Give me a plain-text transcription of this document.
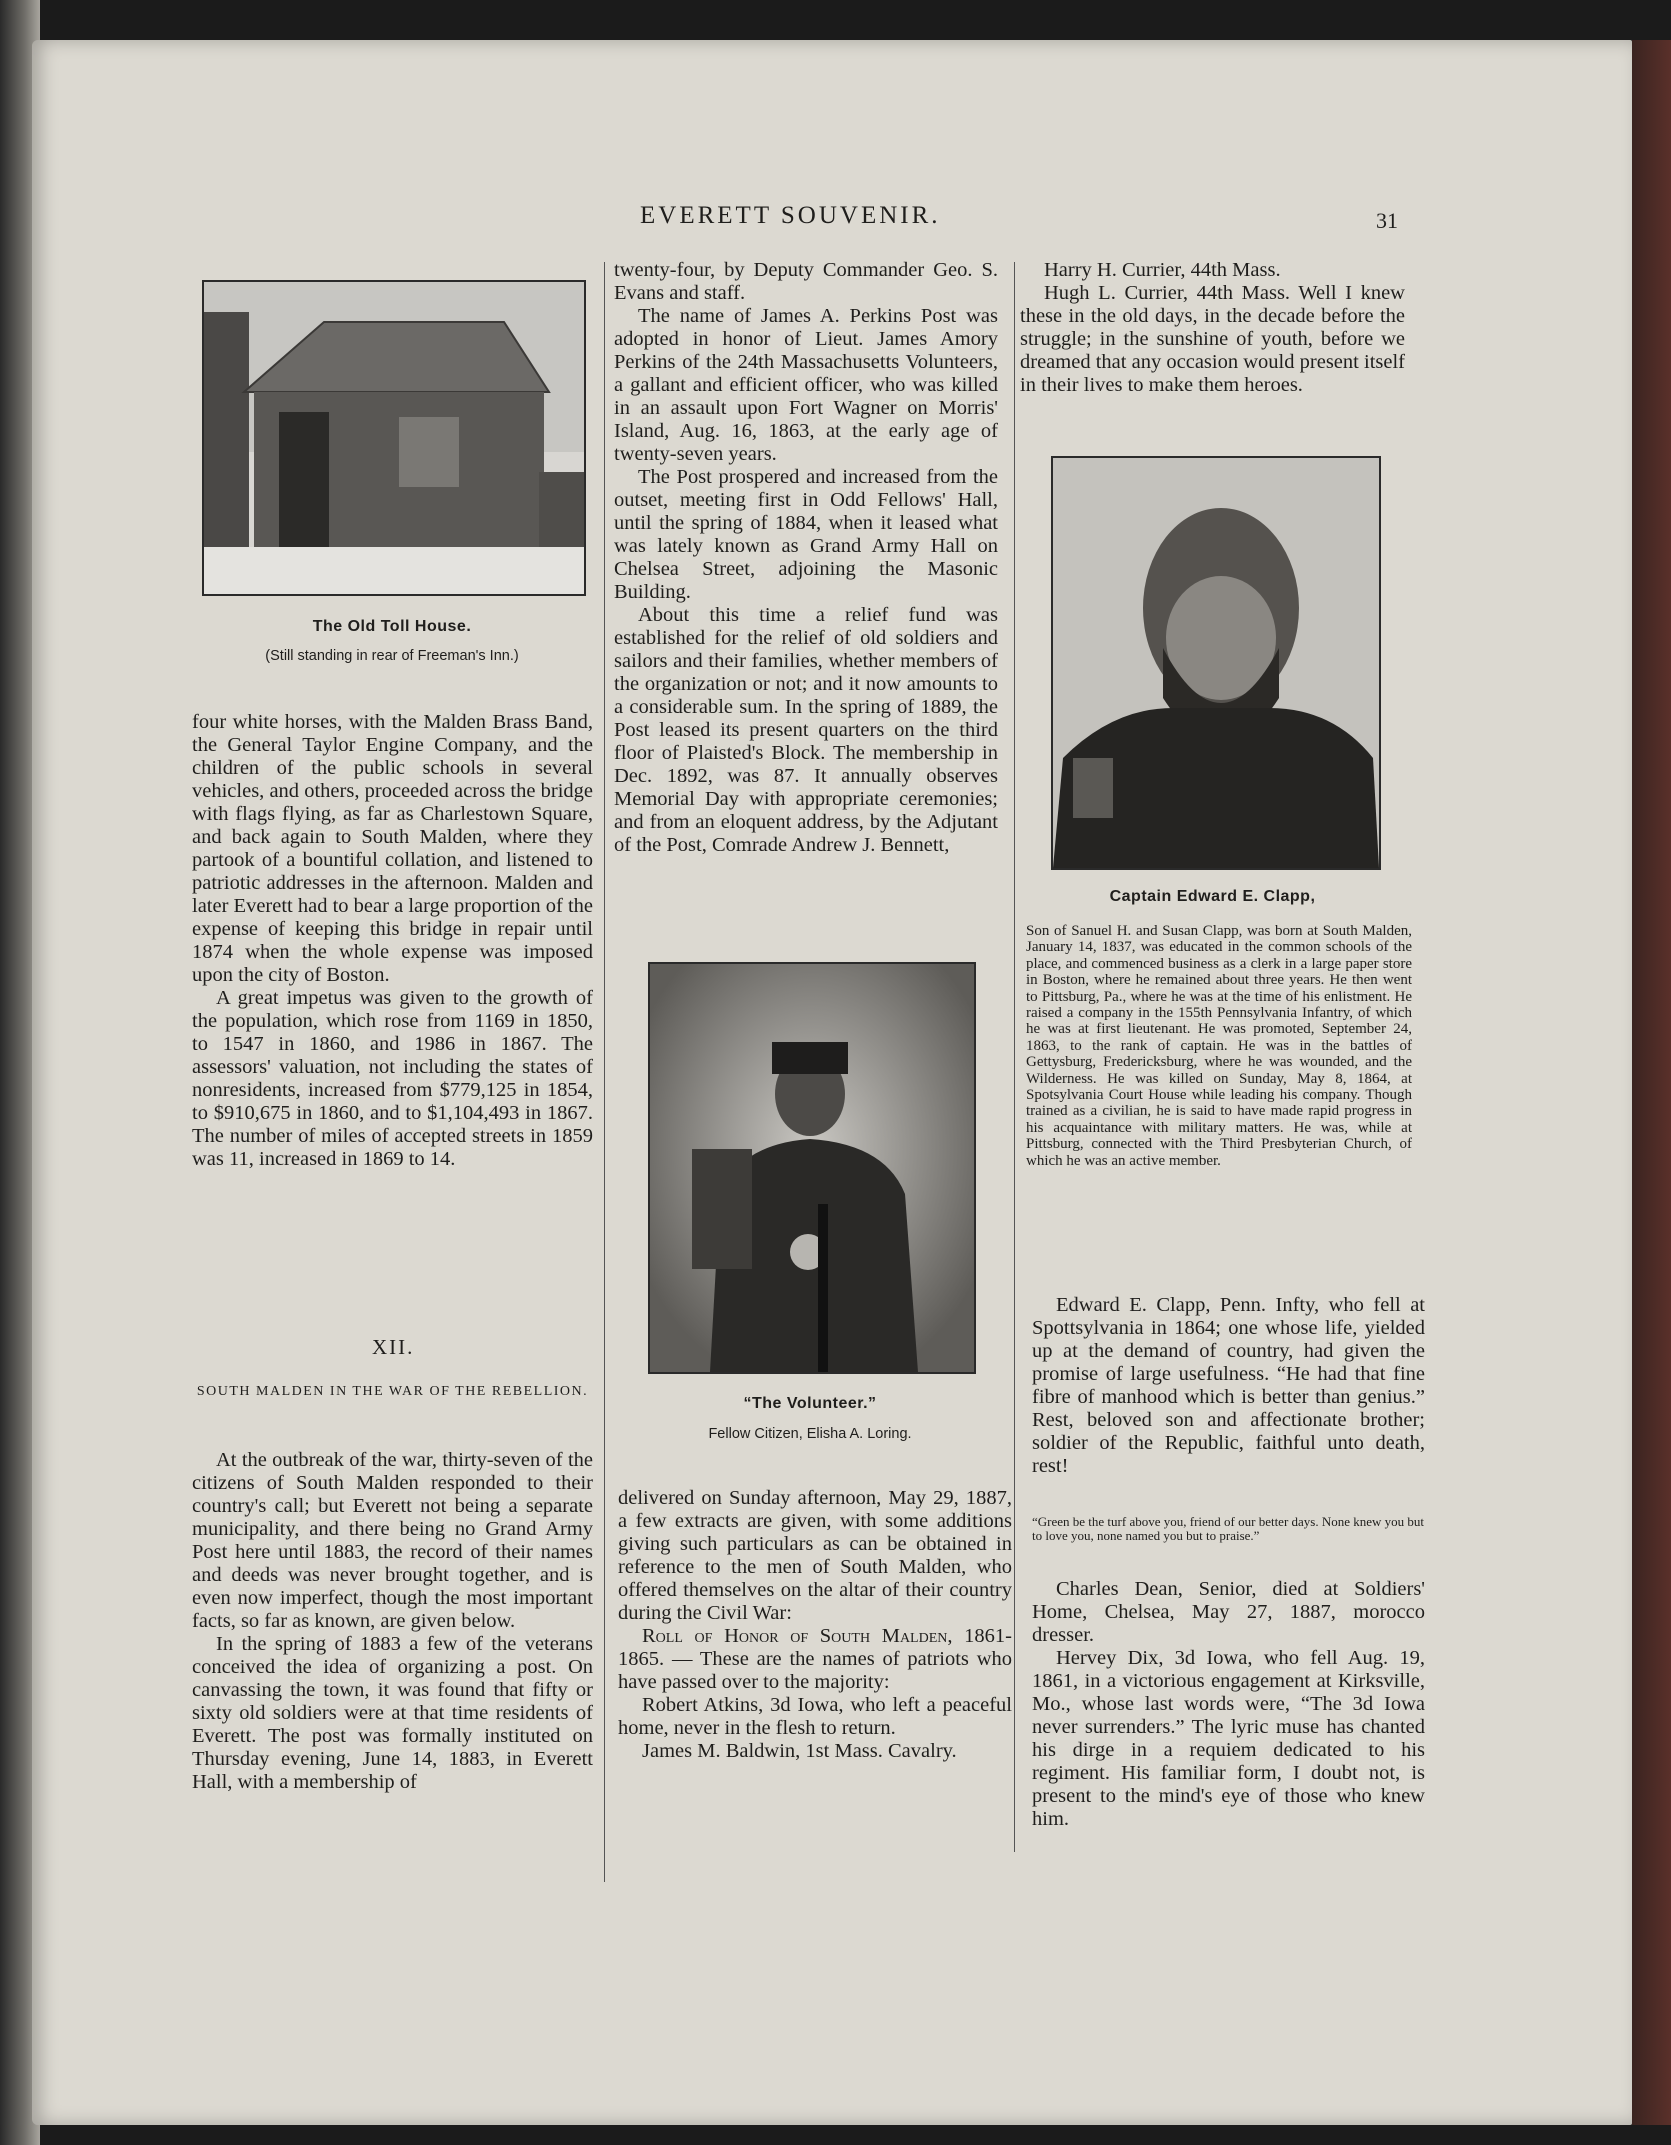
EVERETT SOUVENIR.	31
The Old Toll House.
(Still standing in rear of Freeman's Inn.)

four white horses, with the Malden Brass Band, the General Taylor Engine Company, and the children of the public schools in several vehicles, and others, proceeded across the bridge with flags flying, as far as Charlestown Square, and back again to South Malden, where they partook of a bountiful collation, and listened to patriotic addresses in the afternoon. Malden and later Everett had to bear a large proportion of the expense of keeping this bridge in repair until 1874 when the whole expense was imposed upon the city of Boston.

A great impetus was given to the growth of the population, which rose from 1169 in 1850, to 1547 in 1860, and 1986 in 1867. The assessors' valuation, not including the states of nonresidents, increased from $779,125 in 1854, to $910,675 in 1860, and to $1,104,493 in 1867. The number of miles of accepted streets in 1859 was 11, increased in 1869 to 14.

XII.
SOUTH MALDEN IN THE WAR OF THE REBELLION.

At the outbreak of the war, thirty-seven of the citizens of South Malden responded to their country's call; but Everett not being a separate municipality, and there being no Grand Army Post here until 1883, the record of their names and deeds was never brought together, and is even now imperfect, though the most important facts, so far as known, are given below.

In the spring of 1883 a few of the veterans conceived the idea of organizing a post. On canvassing the town, it was found that fifty or sixty old soldiers were at that time residents of Everett. The post was formally instituted on Thursday evening, June 14, 1883, in Everett Hall, with a membership of

twenty-four, by Deputy Commander Geo. S. Evans and staff.

The name of James A. Perkins Post was adopted in honor of Lieut. James Amory Perkins of the 24th Massachusetts Volunteers, a gallant and efficient officer, who was killed in an assault upon Fort Wagner on Morris' Island, Aug. 16, 1863, at the early age of twenty-seven years.

The Post prospered and increased from the outset, meeting first in Odd Fellows' Hall, until the spring of 1884, when it leased what was lately known as Grand Army Hall on Chelsea Street, adjoining the Masonic Building.

About this time a relief fund was established for the relief of old soldiers and sailors and their families, whether members of the organization or not; and it now amounts to a considerable sum. In the spring of 1889, the Post leased its present quarters on the third floor of Plaisted's Block. The membership in Dec. 1892, was 87. It annually observes Memorial Day with appropriate ceremonies; and from an eloquent address, by the Adjutant of the Post, Comrade Andrew J. Bennett,

“The Volunteer.”
Fellow Citizen, Elisha A. Loring.

delivered on Sunday afternoon, May 29, 1887, a few extracts are given, with some additions giving such particulars as can be obtained in reference to the men of South Malden, who offered themselves on the altar of their country during the Civil War:

Roll of Honor of South Malden, 1861-1865. — These are the names of patriots who have passed over to the majority:

Robert Atkins, 3d Iowa, who left a peaceful home, never in the flesh to return.

James M. Baldwin, 1st Mass. Cavalry.

Harry H. Currier, 44th Mass.

Hugh L. Currier, 44th Mass. Well I knew these in the old days, in the decade before the struggle; in the sunshine of youth, before we dreamed that any occasion would present itself in their lives to make them heroes.

Captain Edward E. Clapp,
Son of Sanuel H. and Susan Clapp, was born at South Malden, January 14, 1837, was educated in the common schools of the place, and commenced business as a clerk in a large paper store in Boston, where he remained about three years. He then went to Pittsburg, Pa., where he was at the time of his enlistment. He raised a company in the 155th Pennsylvania Infantry, of which he was at first lieutenant. He was promoted, September 24, 1863, to the rank of captain. He was in the battles of Gettysburg, Fredericksburg, where he was wounded, and the Wilderness. He was killed on Sunday, May 8, 1864, at Spotsylvania Court House while leading his company. Though trained as a civilian, he is said to have made rapid progress in his acquaintance with military matters. He was, while at Pittsburg, connected with the Third Presbyterian Church, of which he was an active member.

Edward E. Clapp, Penn. Infty, who fell at Spottsylvania in 1864; one whose life, yielded up at the demand of country, had given the promise of large usefulness. “He had that fine fibre of manhood which is better than genius.” Rest, beloved son and affectionate brother; soldier of the Republic, faithful unto death, rest!

“Green be the turf above you, friend of our better days. None knew you but to love you, none named you but to praise.”

Charles Dean, Senior, died at Soldiers' Home, Chelsea, May 27, 1887, morocco dresser.

Hervey Dix, 3d Iowa, who fell Aug. 19, 1861, in a victorious engagement at Kirksville, Mo., whose last words were, “The 3d Iowa never surrenders.” The lyric muse has chanted his dirge in a requiem dedicated to his regiment. His familiar form, I doubt not, is present to the mind's eye of those who knew him.
